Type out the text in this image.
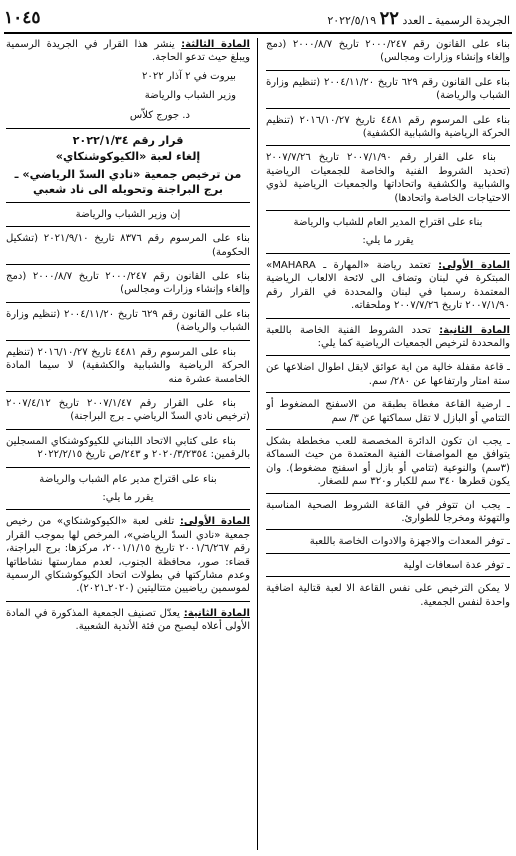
الجريدة الرسمية ـ العدد ٢٢ ٢٠٢٢/٥/١٩
١٠٤٥

بناء على القانون رقم ٢٠٠٠/٢٤٧ تاريخ ٢٠٠٠/٨/٧ (دمج وإلغاء وإنشاء وزارات ومجالس)

بناء على القانون رقم ٦٢٩ تاريخ ٢٠٠٤/١١/٢٠ (تنظيم وزارة الشباب والرياضة)

بناء على المرسوم رقم ٤٤٨١ تاريخ ٢٠١٦/١٠/٢٧ (تنظيم الحركة الرياضية والشبابية الكشفية)

بناء على القرار رقم ٢٠٠٧/١/٩٠ تاريخ ٢٠٠٧/٧/٢٦ (تحديد الشروط الفنية والخاصة للجمعيات الرياضية والشبابية والكشفية واتحاداتها والجمعيات الرياضية لذوي الاحتياجات الخاصة واتحادها)

بناء على اقتراح المدير العام للشباب والرياضة

يقرر ما يلي:

المادة الأولى: تعتمد رياضة «المهارة ـ MAHARA» المبتكرة في لبنان وتضاف الى لائحة الالعاب الرياضية المعتمدة رسميا في لبنان والمحددة في القرار رقم ٢٠٠٧/١/٩٠ تاريخ ٢٠٠٧/٧/٢٦ وملحقاته.

المادة الثانية: تحدد الشروط الفنية الخاصة باللعبة والمحددة لترخيص الجمعيات الرياضية كما يلي:

ـ قاعة مقفلة خالية من اية عوائق لايقل اطوال اضلاعها عن ستة امتار وارتفاعها عن ٢٨٠/ سم.

ـ ارضية القاعة مغطاة بطبقة من الاسفنج المضغوط أو التتامي أو البازل لا تقل سماكتها عن ٣/ سم

ـ يجب ان تكون الدائرة المخصصة للعب مخططة بشكل يتوافق مع المواصفات الفنية المعتمدة من حيث السماكة (٣سم) والنوعية (تتامي أو بازل أو اسفنج مضغوط). وان يكون قطرها ٣٤٠ سم للكبار و٣٢٠ سم للصغار.

ـ يجب ان تتوفر في القاعة الشروط الصحية المناسبة والتهوئة ومخرجا للطوارئ.

ـ توفر المعدات والاجهزة والادوات الخاصة باللعبة

ـ توفر عدة اسعافات اولية

لا يمكن الترخيص على نفس القاعة الا لعبة قتالية اضافية واحدة لنفس الجمعية.

المادة الثالثة: ينشر هذا القرار في الجريدة الرسمية ويبلغ حيث تدعو الحاجة.

بيروت في ٢ آذار ٢٠٢٢

وزير الشباب والرياضة

د. جورج كلاّس

قرار رقم ٢٠٢٢/١/٣٤

إلغاء لعبة «الكيوكوشنكاي»

من ترخيص جمعية «نادي السدّ الرياضي» ـ برج البراجنة وتحويله الى ناد شعبي

إن وزير الشباب والرياضة

بناء على المرسوم رقم ٨٣٧٦ تاريخ ٢٠٢١/٩/١٠ (تشكيل الحكومة)

بناء على القانون رقم ٢٠٠٠/٢٤٧ تاريخ ٢٠٠٠/٨/٧ (دمج وإلغاء وإنشاء وزارات ومجالس)

بناء على القانون رقم ٦٢٩ تاريخ ٢٠٠٤/١١/٢٠ (تنظيم وزارة الشباب والرياضة)

بناء على المرسوم رقم ٤٤٨١ تاريخ ٢٠١٦/١٠/٢٧ (تنظيم الحركة الرياضية والشبابية والكشفية) لا سيما المادة الخامسة عشرة منه

بناء على القرار رقم ٢٠٠٧/١/٤٧ تاريخ ٢٠٠٧/٤/١٢ (ترخيص نادي السدّ الرياضي ـ برج البراجنة)

بناء على كتابي الاتحاد اللبناني للكيوكوشنكاي المسجلين بالرقمين: ٢٠٢٠/٣/٢٣٥٤ و ٢٤٣/ص تاريخ ٢٠٢٢/٢/١٥

بناء على اقتراح مدير عام الشباب والرياضة

يقرر ما يلي:

المادة الأولى: تلغى لعبة «الكيوكوشنكاي» من رخيص جمعية «نادي السدّ الرياضي»، المرخص لها بموجب القرار رقم ٢٠٠١/٦/٢٦٧ تاريخ ٢٠٠١/١/١٥، مركزها: برج البراجنة، قضاء: صور، محافظة الجنوب، لعدم ممارستها نشاطاتها وعدم مشاركتها في بطولات اتحاد الكيوكوشنكاي الرسمية لموسمين رياضيين متتاليتين (٢٠٢٠ـ٢٠٢١).

المادة الثانية: يعدّل تصنيف الجمعية المذكورة في المادة الأولى أعلاه ليصبح من فئة الأندية الشعبية.
